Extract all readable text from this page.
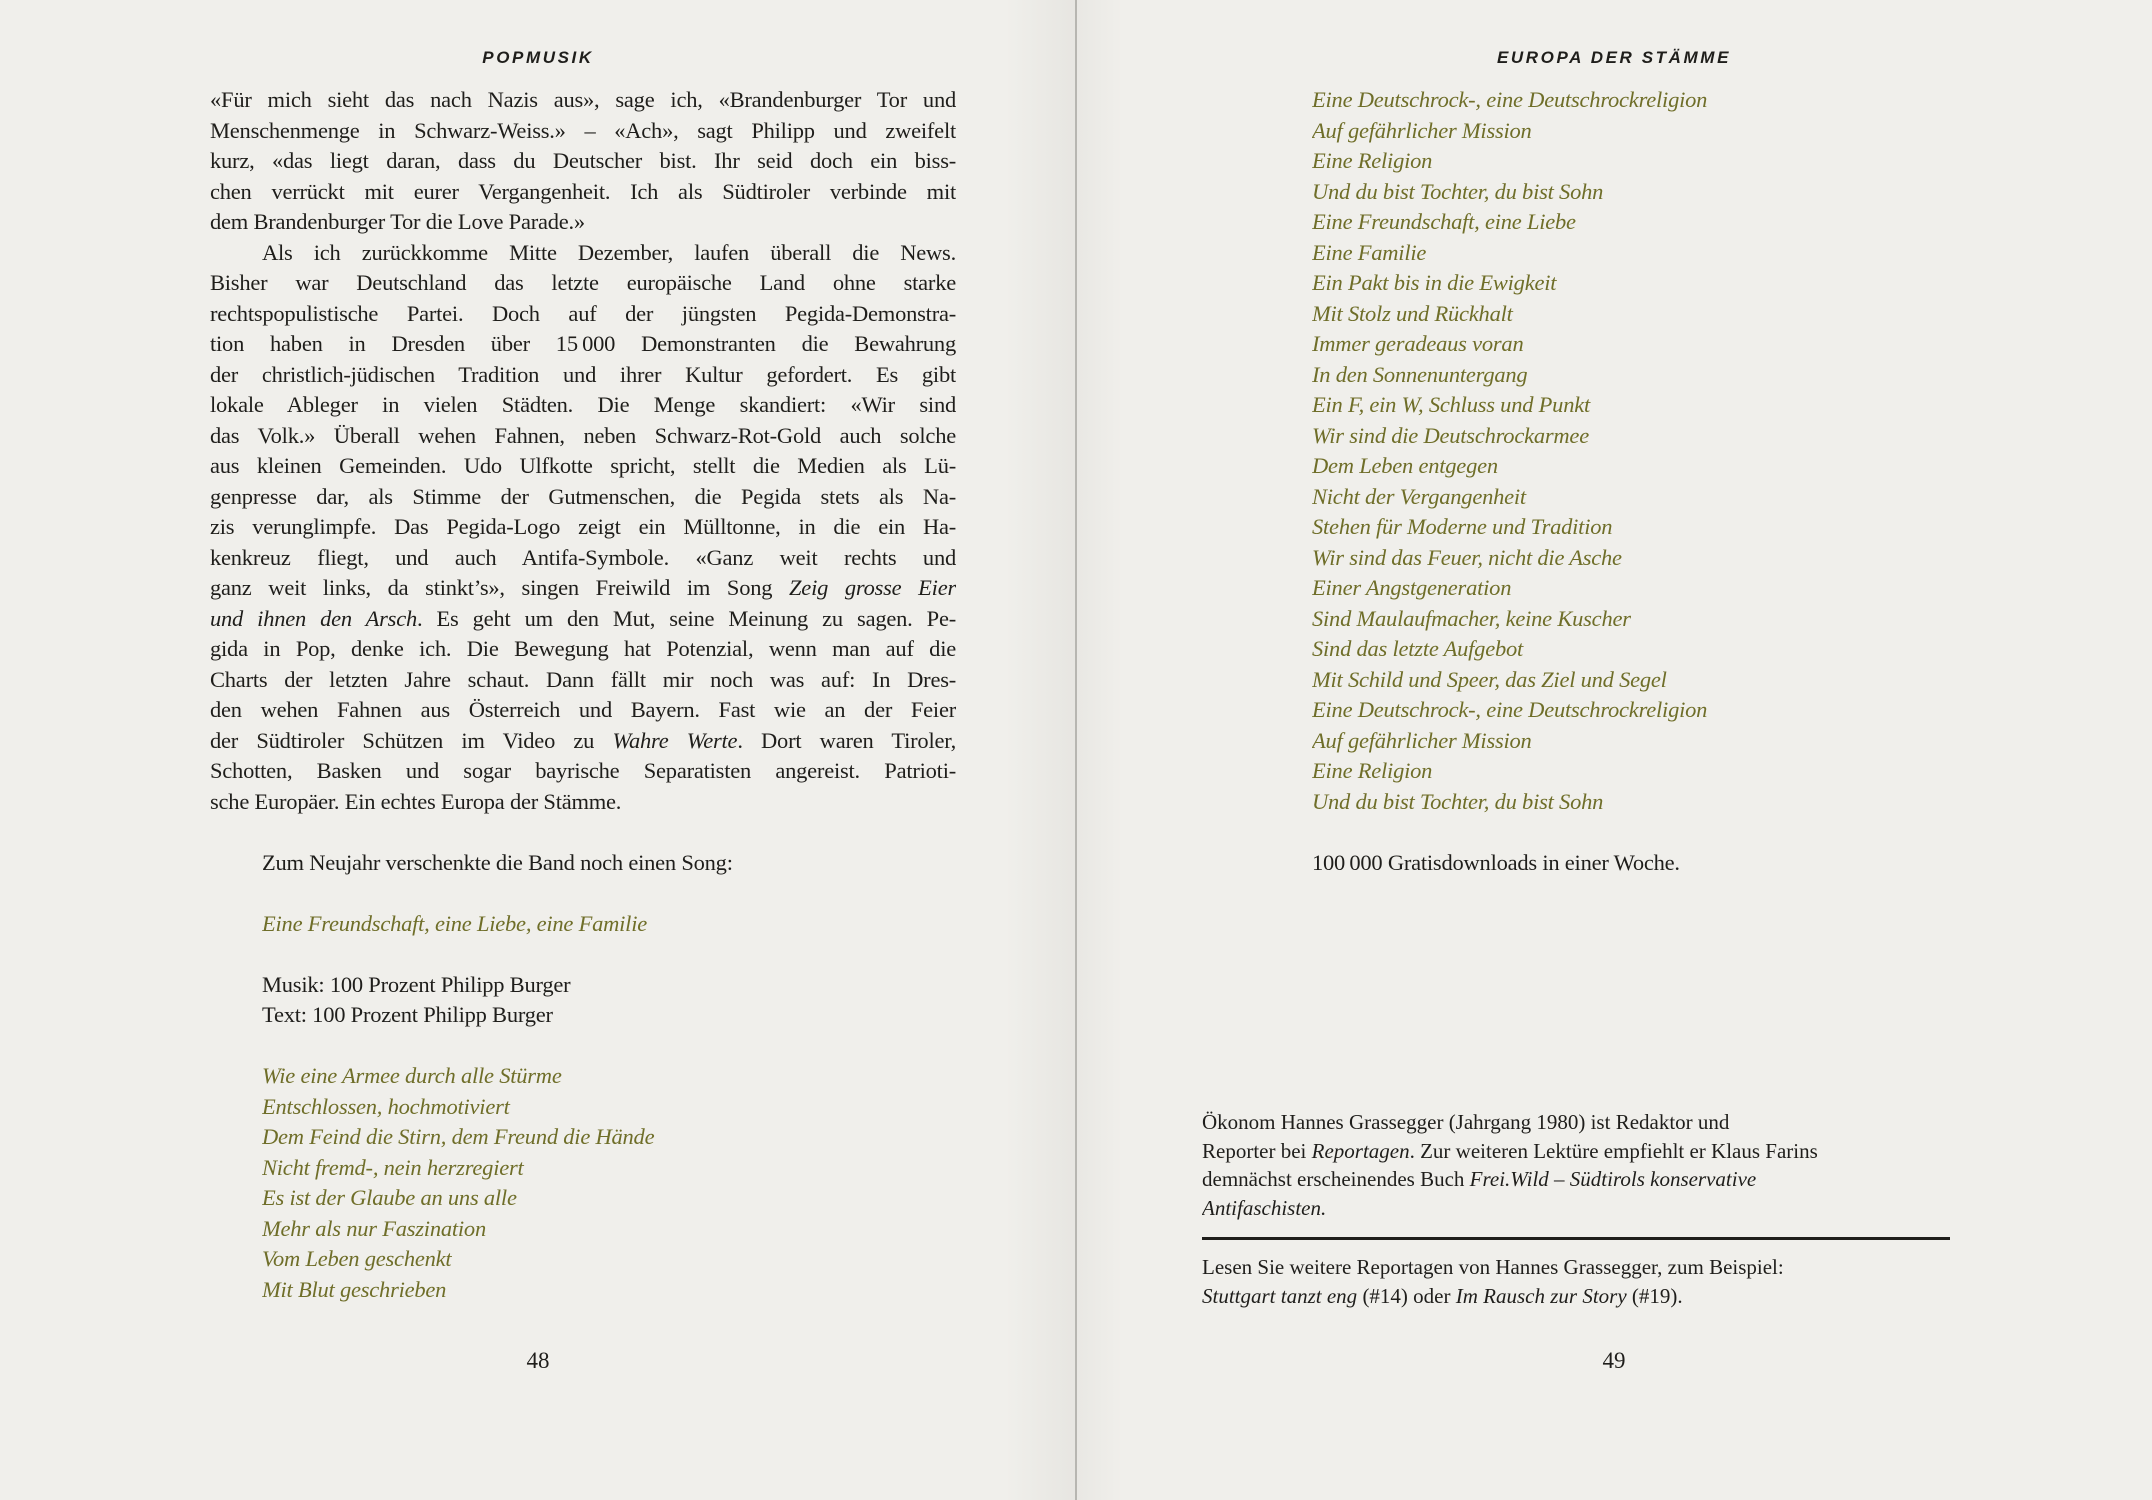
POPMUSIK
«Für mich sieht das nach Nazis aus», sage ich, «Brandenburger Tor und
Menschenmenge in Schwarz-Weiss.» – «Ach», sagt Philipp und zweifelt
kurz, «das liegt daran, dass du Deutscher bist. Ihr seid doch ein biss-
chen verrückt mit eurer Vergangenheit. Ich als Südtiroler verbinde mit
dem Brandenburger Tor die Love Parade.»
Als ich zurückkomme Mitte Dezember, laufen überall die News.
Bisher war Deutschland das letzte europäische Land ohne starke
rechtspopulistische Partei. Doch auf der jüngsten Pegida-Demonstra-
tion haben in Dresden über 15 000 Demonstranten die Bewahrung
der christlich-jüdischen Tradition und ihrer Kultur gefordert. Es gibt
lokale Ableger in vielen Städten. Die Menge skandiert: «Wir sind
das Volk.» Überall wehen Fahnen, neben Schwarz-Rot-Gold auch solche
aus kleinen Gemeinden. Udo Ulfkotte spricht, stellt die Medien als Lü-
genpresse dar, als Stimme der Gutmenschen, die Pegida stets als Na-
zis verunglimpfe. Das Pegida-Logo zeigt ein Mülltonne, in die ein Ha-
kenkreuz fliegt, und auch Antifa-Symbole. «Ganz weit rechts und
ganz weit links, da stinkt’s», singen Freiwild im Song Zeig grosse Eier
und ihnen den Arsch. Es geht um den Mut, seine Meinung zu sagen. Pe-
gida in Pop, denke ich. Die Bewegung hat Potenzial, wenn man auf die
Charts der letzten Jahre schaut. Dann fällt mir noch was auf: In Dres-
den wehen Fahnen aus Österreich und Bayern. Fast wie an der Feier
der Südtiroler Schützen im Video zu Wahre Werte. Dort waren Tiroler,
Schotten, Basken und sogar bayrische Separatisten angereist. Patrioti-
sche Europäer. Ein echtes Europa der Stämme.
Zum Neujahr verschenkte die Band noch einen Song:
Eine Freundschaft, eine Liebe, eine Familie
Musik: 100 Prozent Philipp Burger
Text: 100 Prozent Philipp Burger
Wie eine Armee durch alle Stürme
Entschlossen, hochmotiviert
Dem Feind die Stirn, dem Freund die Hände
Nicht fremd-, nein herzregiert
Es ist der Glaube an uns alle
Mehr als nur Faszination
Vom Leben geschenkt
Mit Blut geschrieben
48
EUROPA DER STÄMME
Eine Deutschrock-, eine Deutschrockreligion
Auf gefährlicher Mission
Eine Religion
Und du bist Tochter, du bist Sohn
Eine Freundschaft, eine Liebe
Eine Familie
Ein Pakt bis in die Ewigkeit
Mit Stolz und Rückhalt
Immer geradeaus voran
In den Sonnenuntergang
Ein F, ein W, Schluss und Punkt
Wir sind die Deutschrockarmee
Dem Leben entgegen
Nicht der Vergangenheit
Stehen für Moderne und Tradition
Wir sind das Feuer, nicht die Asche
Einer Angstgeneration
Sind Maulaufmacher, keine Kuscher
Sind das letzte Aufgebot
Mit Schild und Speer, das Ziel und Segel
Eine Deutschrock-, eine Deutschrockreligion
Auf gefährlicher Mission
Eine Religion
Und du bist Tochter, du bist Sohn
100 000 Gratisdownloads in einer Woche.
Ökonom Hannes Grassegger (Jahrgang 1980) ist Redaktor und
Reporter bei Reportagen. Zur weiteren Lektüre empfiehlt er Klaus Farins
demnächst erscheinendes Buch Frei.Wild – Südtirols konservative
Antifaschisten.
Lesen Sie weitere Reportagen von Hannes Grassegger, zum Beispiel:
Stuttgart tanzt eng (#14) oder Im Rausch zur Story (#19).
49
